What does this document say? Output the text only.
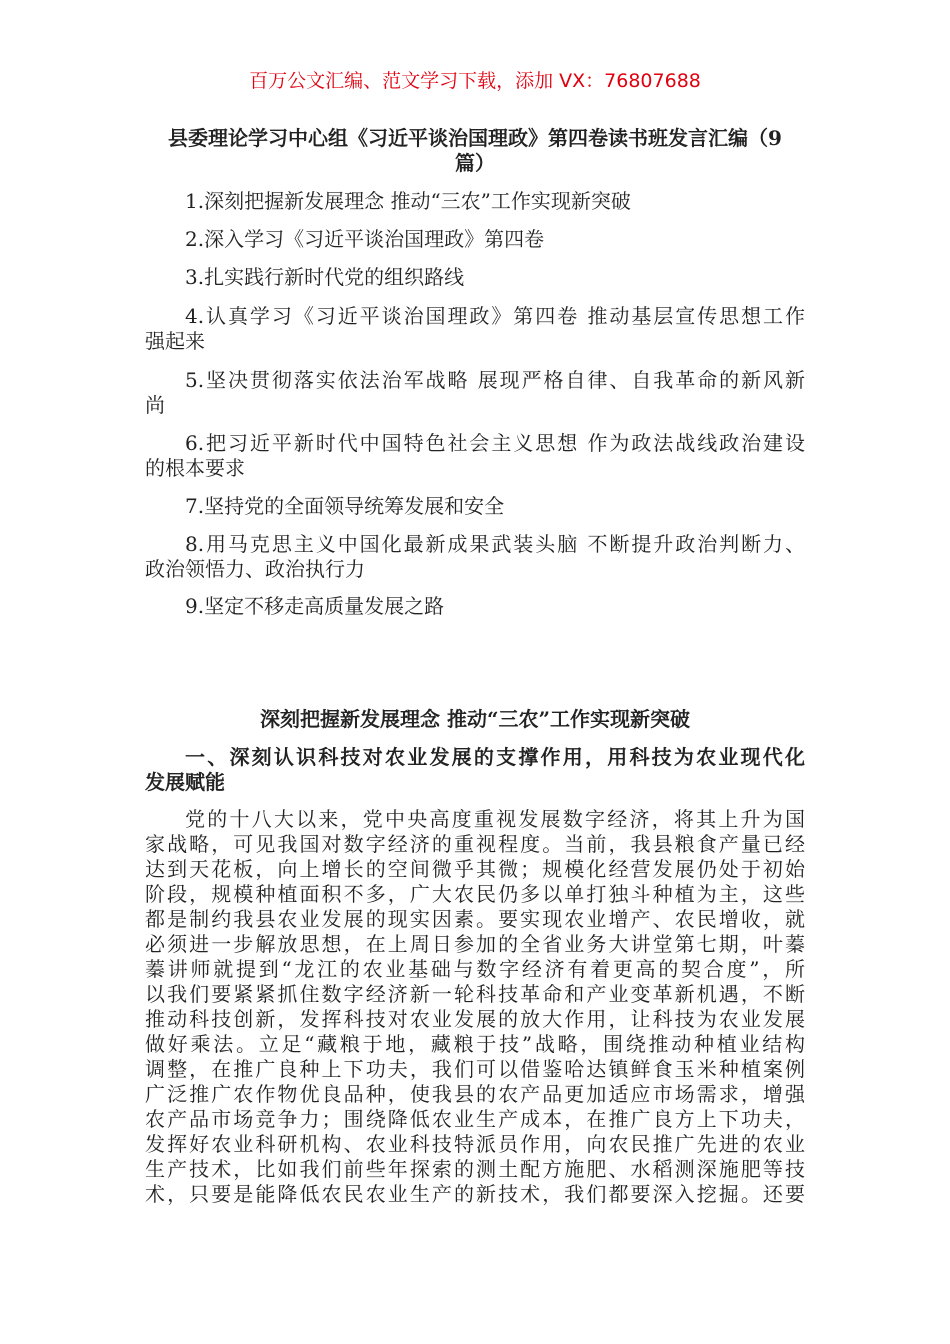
百万公文汇编、范文学习下载，添加 VX：76807688
县委理论学习中心组《习近平谈治国理政》第四卷读书班发言汇编（9
篇）
1.深刻把握新发展理念 推动“三农”工作实现新突破
2.深入学习《习近平谈治国理政》第四卷
3.扎实践行新时代党的组织路线
4.认真学习《习近平谈治国理政》第四卷 推动基层宣传思想工作
强起来
5.坚决贯彻落实依法治军战略 展现严格自律、自我革命的新风新
尚
6.把习近平新时代中国特色社会主义思想 作为政法战线政治建设
的根本要求
7.坚持党的全面领导统筹发展和安全
8.用马克思主义中国化最新成果武装头脑 不断提升政治判断力、
政治领悟力、政治执行力
9.坚定不移走高质量发展之路
深刻把握新发展理念 推动“三农”工作实现新突破
一、深刻认识科技对农业发展的支撑作用，用科技为农业现代化
发展赋能
党的十八大以来，党中央高度重视发展数字经济，将其上升为国
家战略，可见我国对数字经济的重视程度。当前，我县粮食产量已经
达到天花板，向上增长的空间微乎其微；规模化经营发展仍处于初始
阶段，规模种植面积不多，广大农民仍多以单打独斗种植为主，这些
都是制约我县农业发展的现实因素。要实现农业增产、农民增收，就
必须进一步解放思想，在上周日参加的全省业务大讲堂第七期，叶蓁
蓁讲师就提到“龙江的农业基础与数字经济有着更高的契合度”，所
以我们要紧紧抓住数字经济新一轮科技革命和产业变革新机遇，不断
推动科技创新，发挥科技对农业发展的放大作用，让科技为农业发展
做好乘法。立足“藏粮于地，藏粮于技”战略，围绕推动种植业结构
调整，在推广良种上下功夫，我们可以借鉴哈达镇鲜食玉米种植案例
广泛推广农作物优良品种，使我县的农产品更加适应市场需求，增强
农产品市场竞争力；围绕降低农业生产成本，在推广良方上下功夫，
发挥好农业科研机构、农业科技特派员作用，向农民推广先进的农业
生产技术，比如我们前些年探索的测土配方施肥、水稻测深施肥等技
术，只要是能降低农民农业生产的新技术，我们都要深入挖掘。还要
